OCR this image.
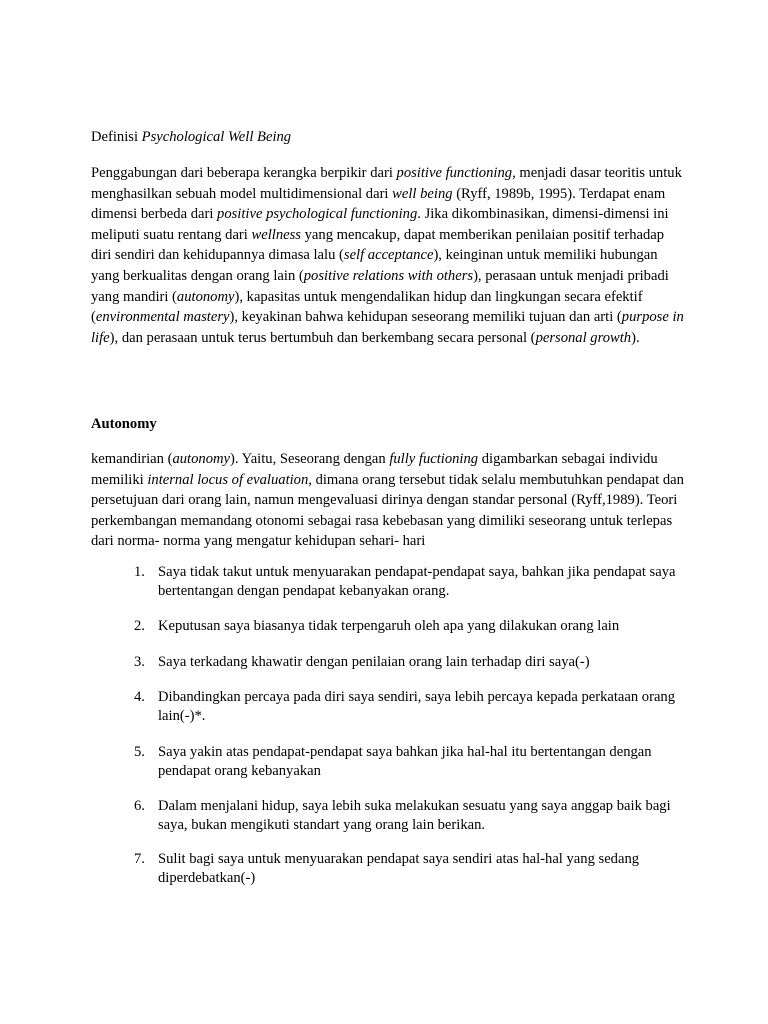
Definisi Psychological Well Being

Penggabungan dari beberapa kerangka berpikir dari positive functioning, menjadi dasar teoritis untuk menghasilkan sebuah model multidimensional dari well being (Ryff, 1989b, 1995). Terdapat enam dimensi berbeda dari positive psychological functioning. Jika dikombinasikan, dimensi-dimensi ini meliputi suatu rentang dari wellness yang mencakup, dapat memberikan penilaian positif terhadap diri sendiri dan kehidupannya dimasa lalu (self acceptance), keinginan untuk memiliki hubungan yang berkualitas dengan orang lain (positive relations with others), perasaan untuk menjadi pribadi yang mandiri (autonomy), kapasitas untuk mengendalikan hidup dan lingkungan secara efektif (environmental mastery), keyakinan bahwa kehidupan seseorang memiliki tujuan dan arti (purpose in life), dan perasaan untuk terus bertumbuh dan berkembang secara personal (personal growth).

Autonomy

kemandirian (autonomy). Yaitu, Seseorang dengan fully fuctioning digambarkan sebagai individu memiliki internal locus of evaluation, dimana orang tersebut tidak selalu membutuhkan pendapat dan persetujuan dari orang lain, namun mengevaluasi dirinya dengan standar personal (Ryff,1989). Teori perkembangan memandang otonomi sebagai rasa kebebasan yang dimiliki seseorang untuk terlepas dari norma- norma yang mengatur kehidupan sehari- hari

1. Saya tidak takut untuk menyuarakan pendapat-pendapat saya, bahkan jika pendapat saya bertentangan dengan pendapat kebanyakan orang.
2. Keputusan saya biasanya tidak terpengaruh oleh apa yang dilakukan orang lain
3. Saya terkadang khawatir dengan penilaian orang lain terhadap diri saya(-)
4. Dibandingkan percaya pada diri saya sendiri, saya lebih percaya kepada perkataan orang lain(-)*.
5. Saya yakin atas pendapat-pendapat saya bahkan jika hal-hal itu bertentangan dengan pendapat orang kebanyakan
6. Dalam menjalani hidup, saya lebih suka melakukan sesuatu yang saya anggap baik bagi saya, bukan mengikuti standart yang orang lain berikan.
7. Sulit bagi saya untuk menyuarakan pendapat saya sendiri atas hal-hal yang sedang diperdebatkan(-)
